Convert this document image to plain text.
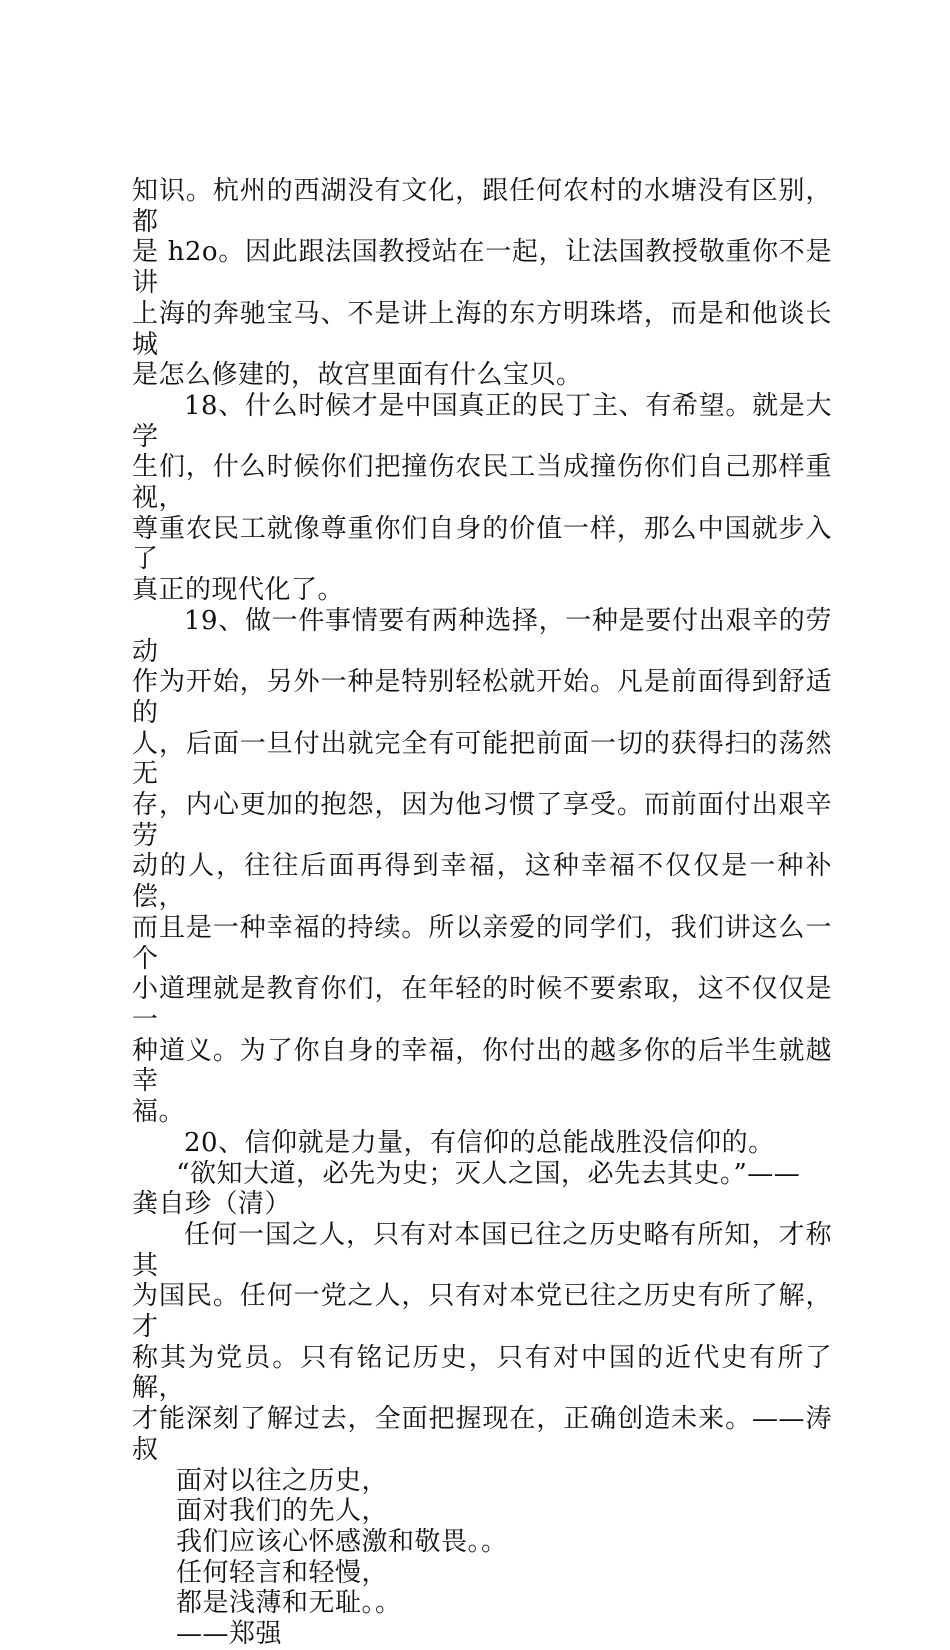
知识。杭州的西湖没有文化，跟任何农村的水塘没有区别，都
是 h2o。因此跟法国教授站在一起，让法国教授敬重你不是讲
上海的奔驰宝马、不是讲上海的东方明珠塔，而是和他谈长城
是怎么修建的，故宫里面有什么宝贝。

18、什么时候才是中国真正的民丁主、有希望。就是大学
生们，什么时候你们把撞伤农民工当成撞伤你们自己那样重视，
尊重农民工就像尊重你们自身的价值一样，那么中国就步入了
真正的现代化了。

19、做一件事情要有两种选择，一种是要付出艰辛的劳动
作为开始，另外一种是特别轻松就开始。凡是前面得到舒适的
人，后面一旦付出就完全有可能把前面一切的获得扫的荡然无
存，内心更加的抱怨，因为他习惯了享受。而前面付出艰辛劳
动的人，往往后面再得到幸福，这种幸福不仅仅是一种补偿，
而且是一种幸福的持续。所以亲爱的同学们，我们讲这么一个
小道理就是教育你们，在年轻的时候不要索取，这不仅仅是一
种道义。为了你自身的幸福，你付出的越多你的后半生就越幸
福。

20、信仰就是力量，有信仰的总能战胜没信仰的。

“欲知大道，必先为史；灭人之国，必先去其史。”——
龚自珍（清）

任何一国之人，只有对本国已往之历史略有所知，才称其
为国民。任何一党之人，只有对本党已往之历史有所了解，才
称其为党员。只有铭记历史，只有对中国的近代史有所了解，
才能深刻了解过去，全面把握现在，正确创造未来。——涛叔

面对以往之历史，

面对我们的先人，

我们应该心怀感激和敬畏。。

任何轻言和轻慢，

都是浅薄和无耻。。

——郑强
